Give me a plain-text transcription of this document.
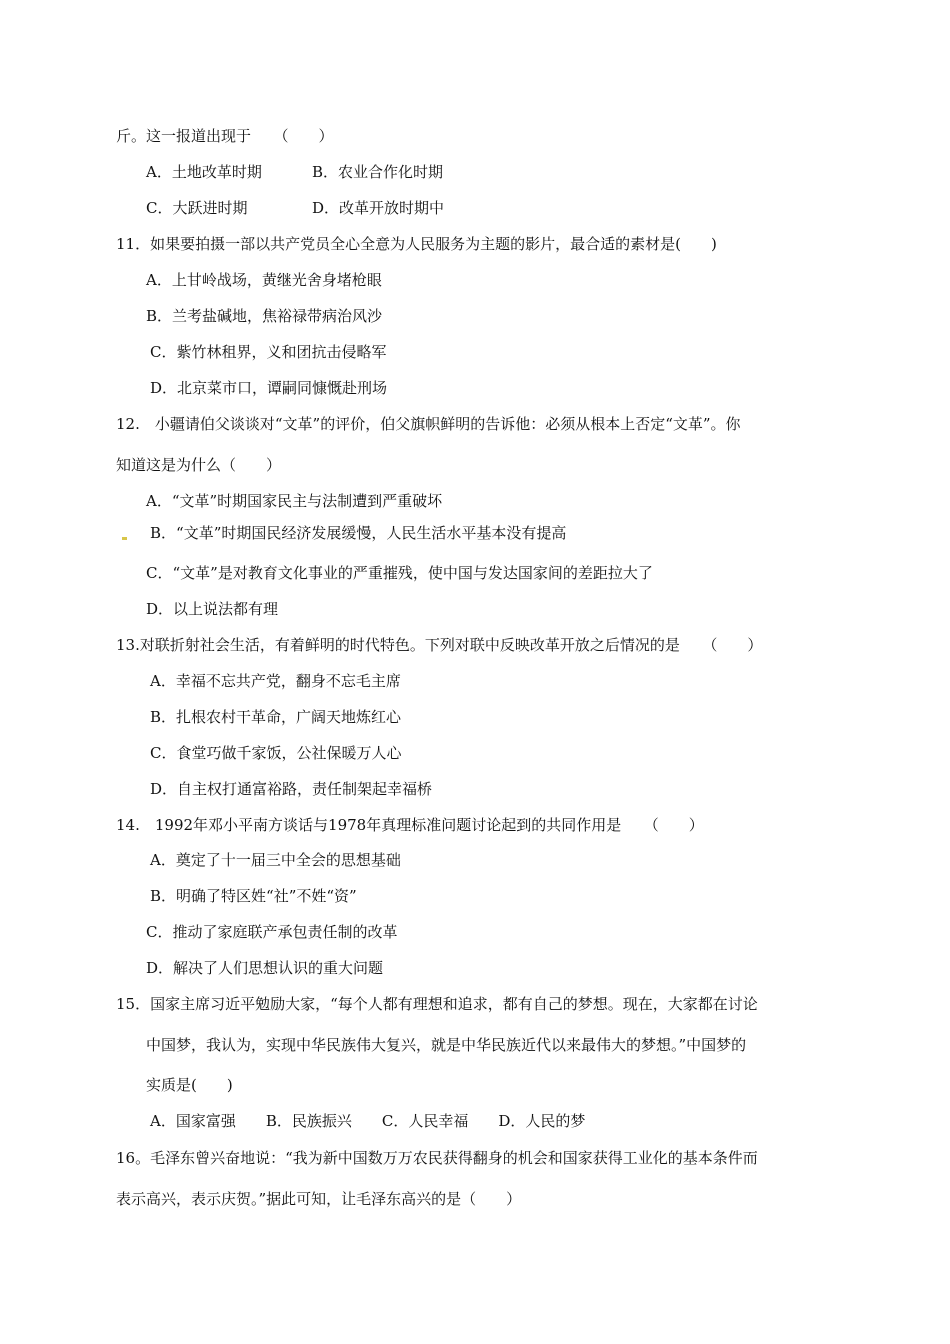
斤。这一报道出现于　　（　　）
A．土地改革时期	B．农业合作化时期
C．大跃进时期	D．改革开放时期中
11．如果要拍摄一部以共产党员全心全意为人民服务为主题的影片，最合适的素材是(　　)
A．上甘岭战场，黄继光舍身堵枪眼
B．兰考盐碱地，焦裕禄带病治风沙
C．紫竹林租界，义和团抗击侵略军
D．北京菜市口，谭嗣同慷慨赴刑场
12.　小疆请伯父谈谈对“文革”的评价，伯父旗帜鲜明的告诉他：必须从根本上否定“文革”。你
知道这是为什么（　　）
A．“文革”时期国家民主与法制遭到严重破坏
B．“文革”时期国民经济发展缓慢，人民生活水平基本没有提高
C．“文革”是对教育文化事业的严重摧残，使中国与发达国家间的差距拉大了
D．以上说法都有理
13.对联折射社会生活，有着鲜明的时代特色。下列对联中反映改革开放之后情况的是　　（　　）
A．幸福不忘共产党，翻身不忘毛主席
B．扎根农村干革命，广阔天地炼红心
C．食堂巧做千家饭，公社保暖万人心
D．自主权打通富裕路，责任制架起幸福桥
14.　1992年邓小平南方谈话与1978年真理标准问题讨论起到的共同作用是　　（　　）
A．奠定了十一届三中全会的思想基础
B．明确了特区姓“社”不姓“资”
C．推动了家庭联产承包责任制的改革
D．解决了人们思想认识的重大问题
15．国家主席习近平勉励大家，“每个人都有理想和追求，都有自己的梦想。现在，大家都在讨论
中国梦，我认为，实现中华民族伟大复兴，就是中华民族近代以来最伟大的梦想。”中国梦的
实质是(　　)
A．国家富强　　B．民族振兴　　C．人民幸福　　D．人民的梦
16。毛泽东曾兴奋地说：“我为新中国数万万农民获得翻身的机会和国家获得工业化的基本条件而
表示高兴，表示庆贺。”据此可知，让毛泽东高兴的是（　　）
